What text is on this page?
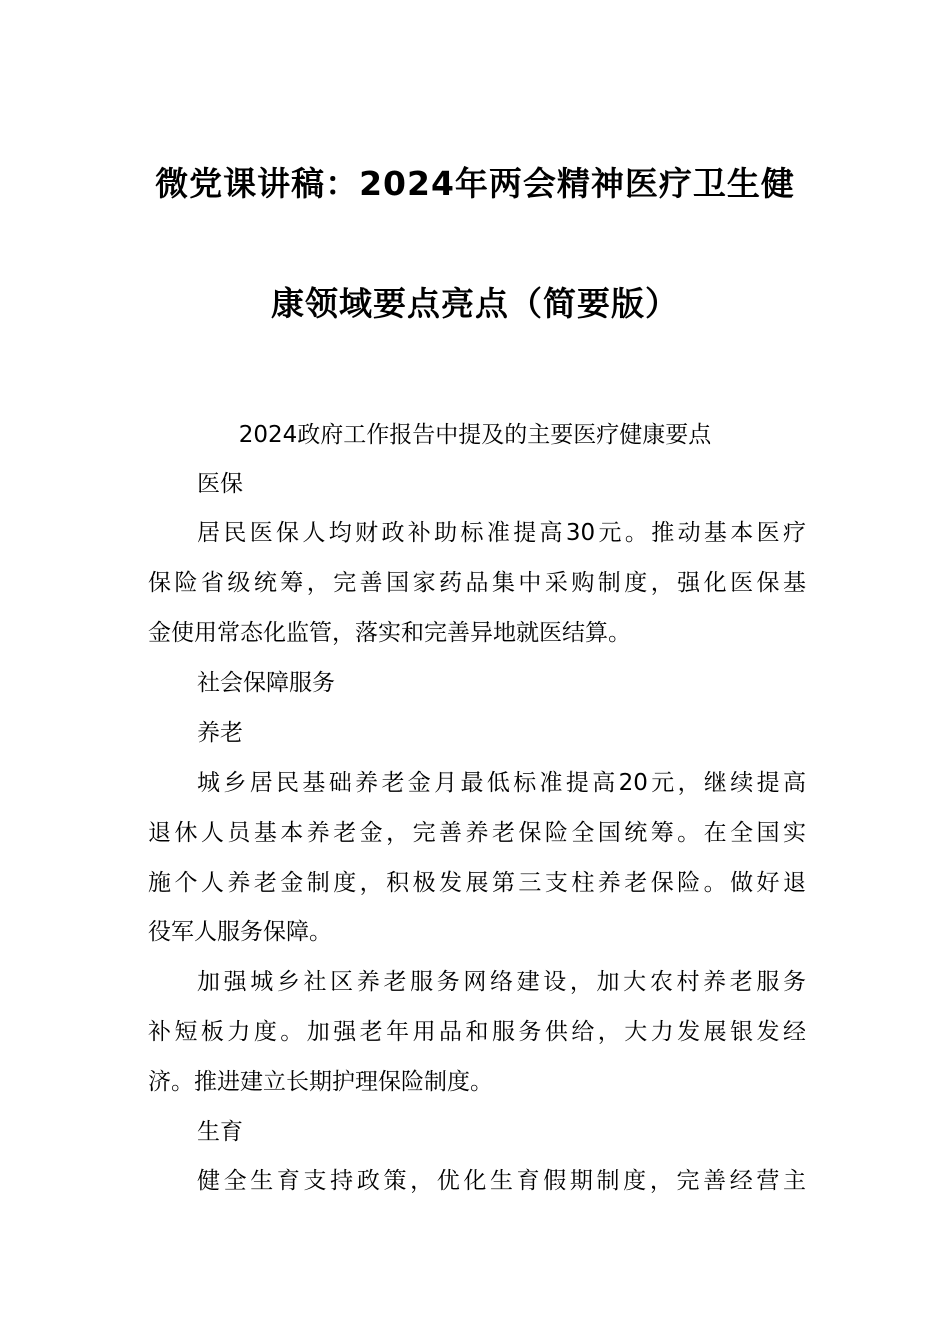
微党课讲稿：2024年两会精神医疗卫生健
康领域要点亮点（简要版）
2024政府工作报告中提及的主要医疗健康要点
医保
居民医保人均财政补助标准提高30元。推动基本医疗
保险省级统筹，完善国家药品集中采购制度，强化医保基
金使用常态化监管，落实和完善异地就医结算。
社会保障服务
养老
城乡居民基础养老金月最低标准提高20元，继续提高
退休人员基本养老金，完善养老保险全国统筹。在全国实
施个人养老金制度，积极发展第三支柱养老保险。做好退
役军人服务保障。
加强城乡社区养老服务网络建设，加大农村养老服务
补短板力度。加强老年用品和服务供给，大力发展银发经
济。推进建立长期护理保险制度。
生育
健全生育支持政策，优化生育假期制度，完善经营主
